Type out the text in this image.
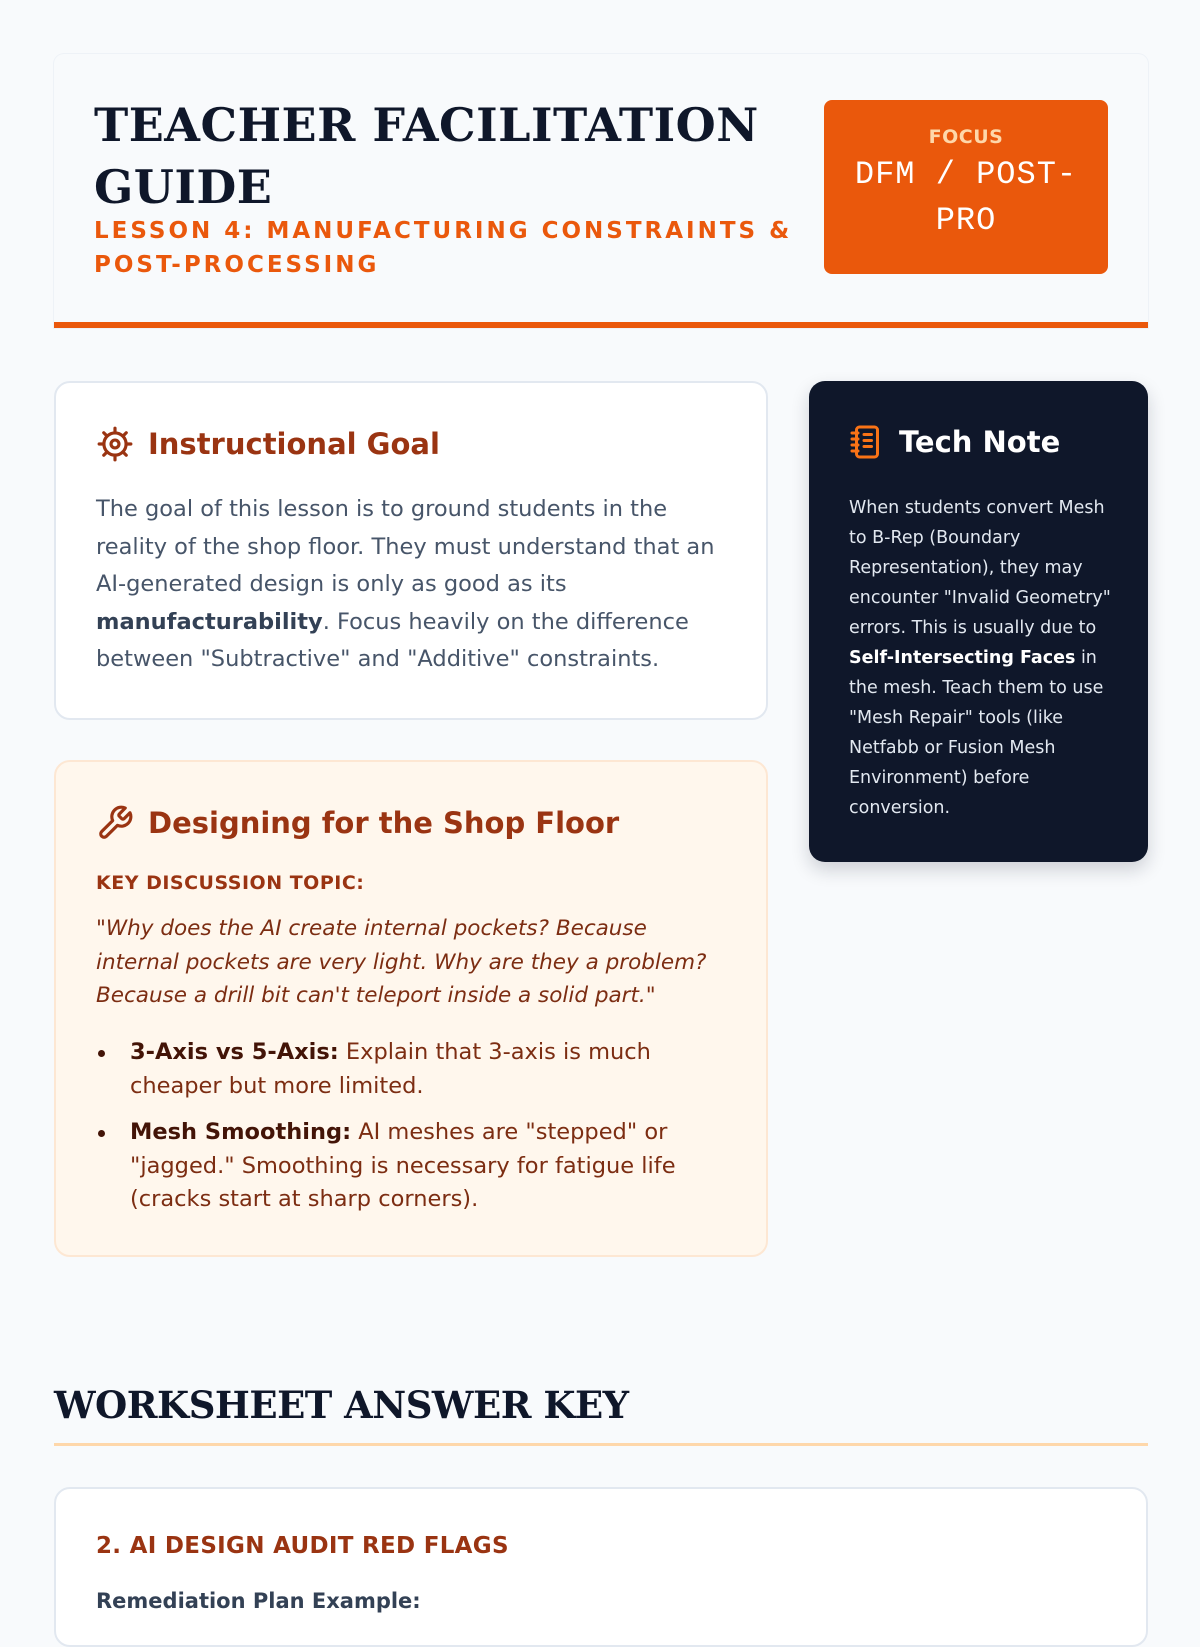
TEACHER FACILITATION GUIDE
LESSON 4: MANUFACTURING CONSTRAINTS & POST-PROCESSING
FOCUS
DFM / POST-PRO
Instructional Goal
The goal of this lesson is to ground students in the reality of the shop floor. They must understand that an AI-generated design is only as good as its manufacturability. Focus heavily on the difference between "Subtractive" and "Additive" constraints.
Designing for the Shop Floor
KEY DISCUSSION TOPIC:
"Why does the AI create internal pockets? Because internal pockets are very light. Why are they a problem? Because a drill bit can't teleport inside a solid part."
3-Axis vs 5-Axis: Explain that 3-axis is much cheaper but more limited.
Mesh Smoothing: AI meshes are "stepped" or "jagged." Smoothing is necessary for fatigue life (cracks start at sharp corners).
Tech Note
When students convert Mesh to B-Rep (Boundary Representation), they may encounter "Invalid Geometry" errors. This is usually due to Self-Intersecting Faces in the mesh. Teach them to use "Mesh Repair" tools (like Netfabb or Fusion Mesh Environment) before conversion.
WORKSHEET ANSWER KEY
2. AI DESIGN AUDIT RED FLAGS
Remediation Plan Example:
